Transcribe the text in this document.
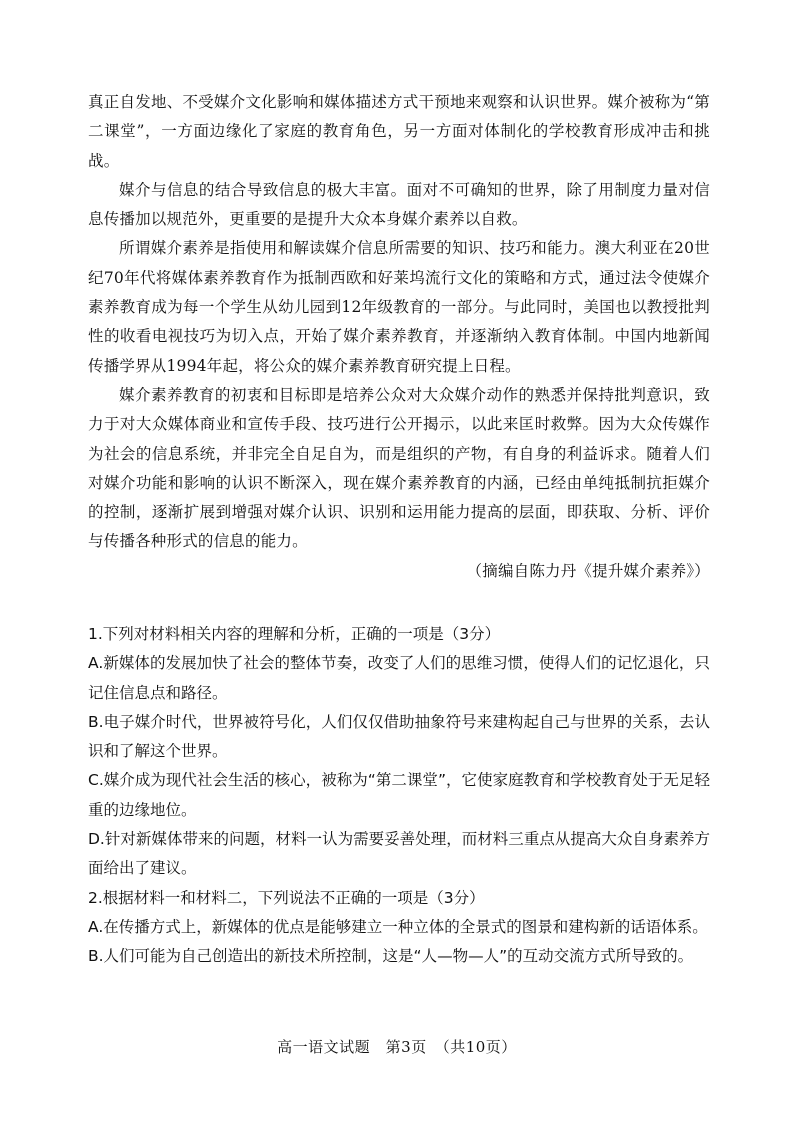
真正自发地、不受媒介文化影响和媒体描述方式干预地来观察和认识世界。媒介被称为“第二课堂”，一方面边缘化了家庭的教育角色，另一方面对体制化的学校教育形成冲击和挑战。

媒介与信息的结合导致信息的极大丰富。面对不可确知的世界，除了用制度力量对信息传播加以规范外，更重要的是提升大众本身媒介素养以自救。

所谓媒介素养是指使用和解读媒介信息所需要的知识、技巧和能力。澳大利亚在20世纪70年代将媒体素养教育作为抵制西欧和好莱坞流行文化的策略和方式，通过法令使媒介素养教育成为每一个学生从幼儿园到12年级教育的一部分。与此同时，美国也以教授批判性的收看电视技巧为切入点，开始了媒介素养教育，并逐渐纳入教育体制。中国内地新闻传播学界从1994年起，将公众的媒介素养教育研究提上日程。

媒介素养教育的初衷和目标即是培养公众对大众媒介动作的熟悉并保持批判意识，致力于对大众媒体商业和宣传手段、技巧进行公开揭示，以此来匡时救弊。因为大众传媒作为社会的信息系统，并非完全自足自为，而是组织的产物，有自身的利益诉求。随着人们对媒介功能和影响的认识不断深入，现在媒介素养教育的内涵，已经由单纯抵制抗拒媒介的控制，逐渐扩展到增强对媒介认识、识别和运用能力提高的层面，即获取、分析、评价与传播各种形式的信息的能力。

（摘编自陈力丹《提升媒介素养》）

1.下列对材料相关内容的理解和分析，正确的一项是（3分）

A.新媒体的发展加快了社会的整体节奏，改变了人们的思维习惯，使得人们的记忆退化，只记住信息点和路径。

B.电子媒介时代，世界被符号化，人们仅仅借助抽象符号来建构起自己与世界的关系，去认识和了解这个世界。

C.媒介成为现代社会生活的核心，被称为“第二课堂”，它使家庭教育和学校教育处于无足轻重的边缘地位。

D.针对新媒体带来的问题，材料一认为需要妥善处理，而材料三重点从提高大众自身素养方面给出了建议。

2.根据材料一和材料二，下列说法不正确的一项是（3分）

A.在传播方式上，新媒体的优点是能够建立一种立体的全景式的图景和建构新的话语体系。

B.人们可能为自己创造出的新技术所控制，这是“人—物—人”的互动交流方式所导致的。

高一语文试题　第3页　（共10页）
